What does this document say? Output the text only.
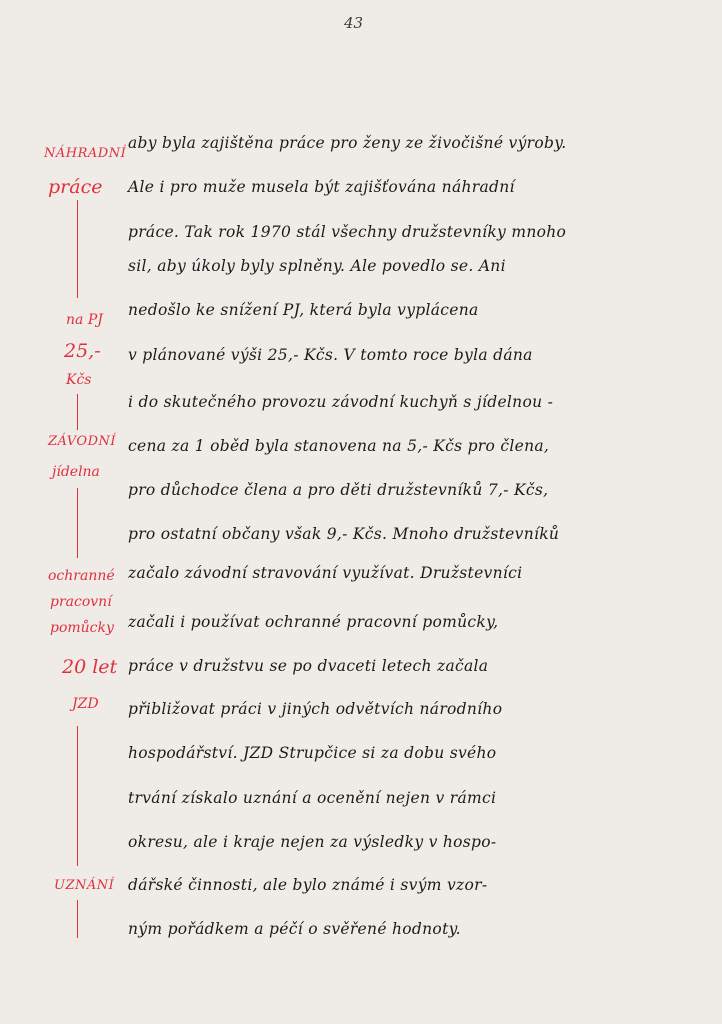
43
NÁHRADNÍ
práce
na PJ
25,-
Kčs
ZÁVODNÍ
jídelna
ochranné
pracovní
pomůcky
20 let
JZD
UZNÁNÍ
aby byla zajištěna práce pro ženy ze živočišné výroby.
Ale i pro muže musela být zajišťována náhradní
práce. Tak rok 1970 stál všechny družstevníky mnoho
sil, aby úkoly byly splněny. Ale povedlo se. Ani
nedošlo ke snížení PJ, která byla vyplácena
v plánované výši 25,- Kčs. V tomto roce byla dána
i do skutečného provozu závodní kuchyň s jídelnou -
cena za 1 oběd byla stanovena na 5,- Kčs pro člena,
pro důchodce člena a pro děti družstevníků 7,- Kčs,
pro ostatní občany však 9,- Kčs. Mnoho družstevníků
začalo závodní stravování využívat. Družstevníci
začali i používat ochranné pracovní pomůcky,
práce v družstvu se po dvaceti letech začala
přibližovat práci v jiných odvětvích národního
hospodářství. JZD Strupčice si za dobu svého
trvání získalo uznání a ocenění nejen v rámci
okresu, ale i kraje nejen za výsledky v hospo-
dářské činnosti, ale bylo známé i svým vzor-
ným pořádkem a péčí o svěřené hodnoty.
